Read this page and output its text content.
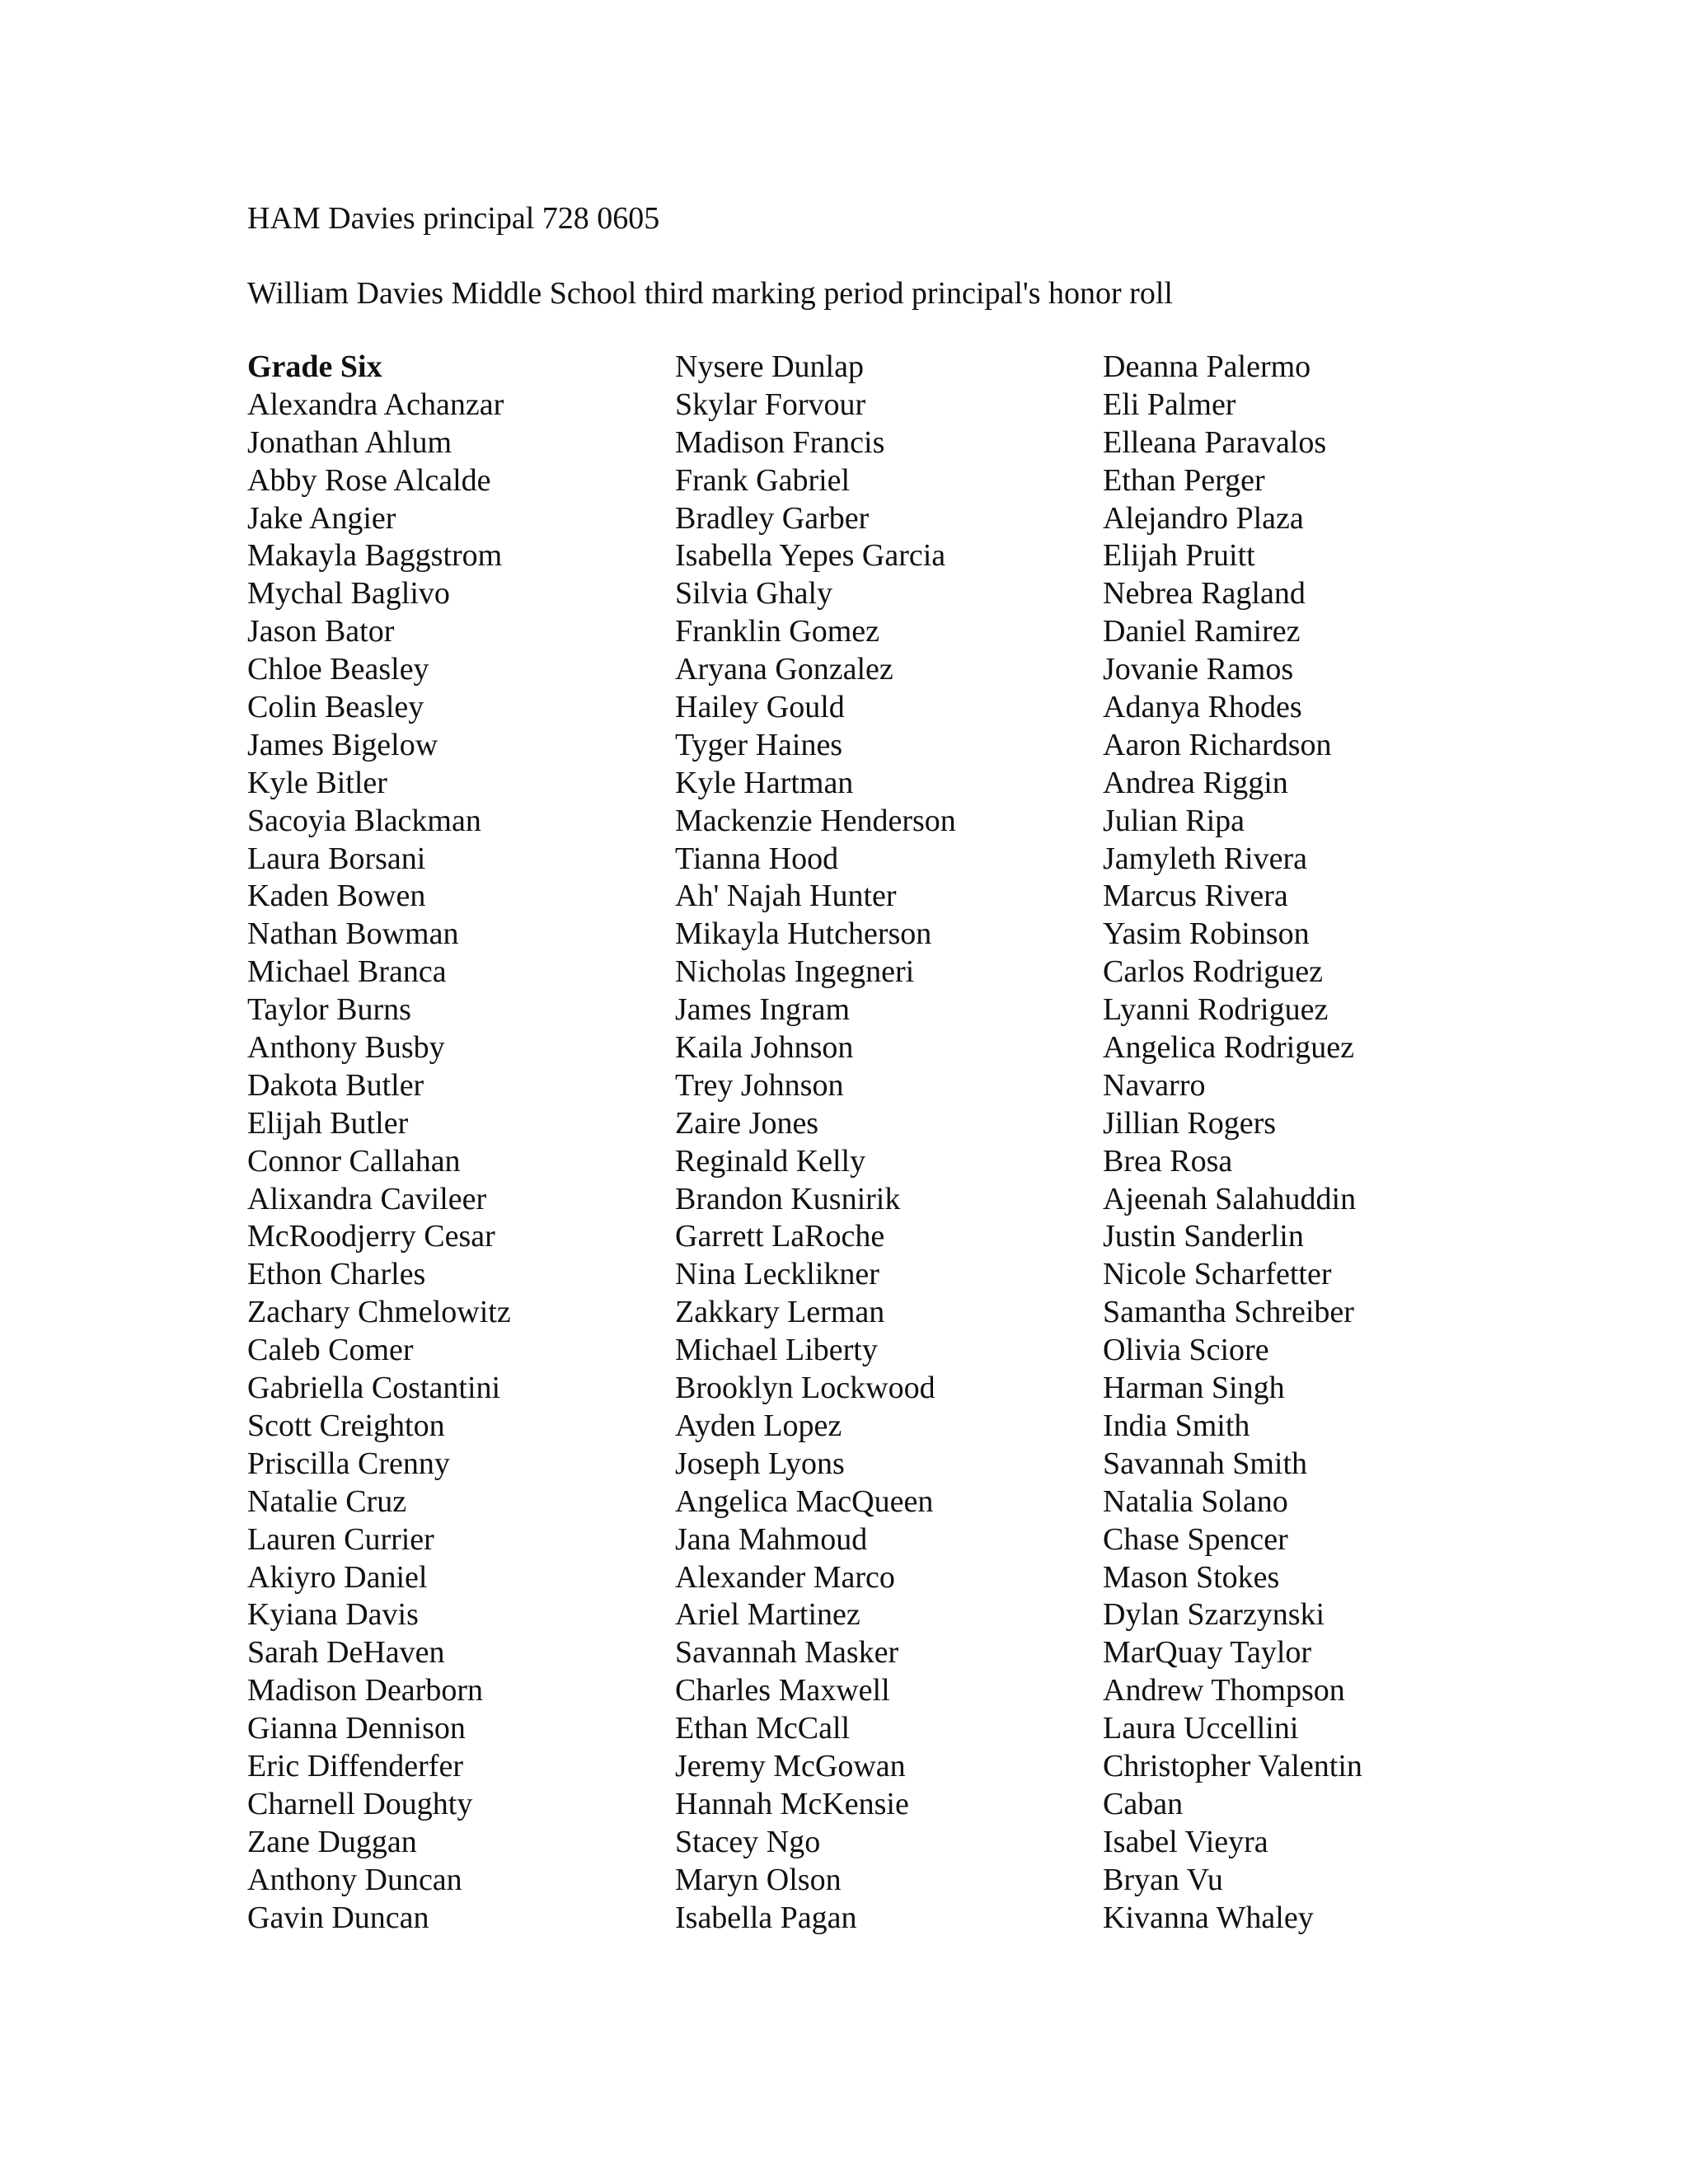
HAM Davies principal 728 0605
William Davies Middle School third marking period principal's honor roll
Grade Six
Alexandra Achanzar
Jonathan Ahlum
Abby Rose Alcalde
Jake Angier
Makayla Baggstrom
Mychal Baglivo
Jason Bator
Chloe Beasley
Colin Beasley
James Bigelow
Kyle Bitler
Sacoyia Blackman
Laura Borsani
Kaden Bowen
Nathan Bowman
Michael Branca
Taylor Burns
Anthony Busby
Dakota Butler
Elijah Butler
Connor Callahan
Alixandra Cavileer
McRoodjerry Cesar
Ethon Charles
Zachary Chmelowitz
Caleb Comer
Gabriella Costantini
Scott Creighton
Priscilla Crenny
Natalie Cruz
Lauren Currier
Akiyro Daniel
Kyiana Davis
Sarah DeHaven
Madison Dearborn
Gianna Dennison
Eric Diffenderfer
Charnell Doughty
Zane Duggan
Anthony Duncan
Gavin Duncan
Nysere Dunlap
Skylar Forvour
Madison Francis
Frank Gabriel
Bradley Garber
Isabella Yepes Garcia
Silvia Ghaly
Franklin Gomez
Aryana Gonzalez
Hailey Gould
Tyger Haines
Kyle Hartman
Mackenzie Henderson
Tianna Hood
Ah' Najah Hunter
Mikayla Hutcherson
Nicholas Ingegneri
James Ingram
Kaila Johnson
Trey Johnson
Zaire Jones
Reginald Kelly
Brandon Kusnirik
Garrett LaRoche
Nina Lecklikner
Zakkary Lerman
Michael Liberty
Brooklyn Lockwood
Ayden Lopez
Joseph Lyons
Angelica MacQueen
Jana Mahmoud
Alexander Marco
Ariel Martinez
Savannah Masker
Charles Maxwell
Ethan McCall
Jeremy McGowan
Hannah McKensie
Stacey Ngo
Maryn Olson
Isabella Pagan
Deanna Palermo
Eli Palmer
Elleana Paravalos
Ethan Perger
Alejandro Plaza
Elijah Pruitt
Nebrea Ragland
Daniel Ramirez
Jovanie Ramos
Adanya Rhodes
Aaron Richardson
Andrea Riggin
Julian Ripa
Jamyleth Rivera
Marcus Rivera
Yasim Robinson
Carlos Rodriguez
Lyanni Rodriguez
Angelica Rodriguez
Navarro
Jillian Rogers
Brea Rosa
Ajeenah Salahuddin
Justin Sanderlin
Nicole Scharfetter
Samantha Schreiber
Olivia Sciore
Harman Singh
India Smith
Savannah Smith
Natalia Solano
Chase Spencer
Mason Stokes
Dylan Szarzynski
MarQuay Taylor
Andrew Thompson
Laura Uccellini
Christopher Valentin
Caban
Isabel Vieyra
Bryan Vu
Kivanna Whaley
